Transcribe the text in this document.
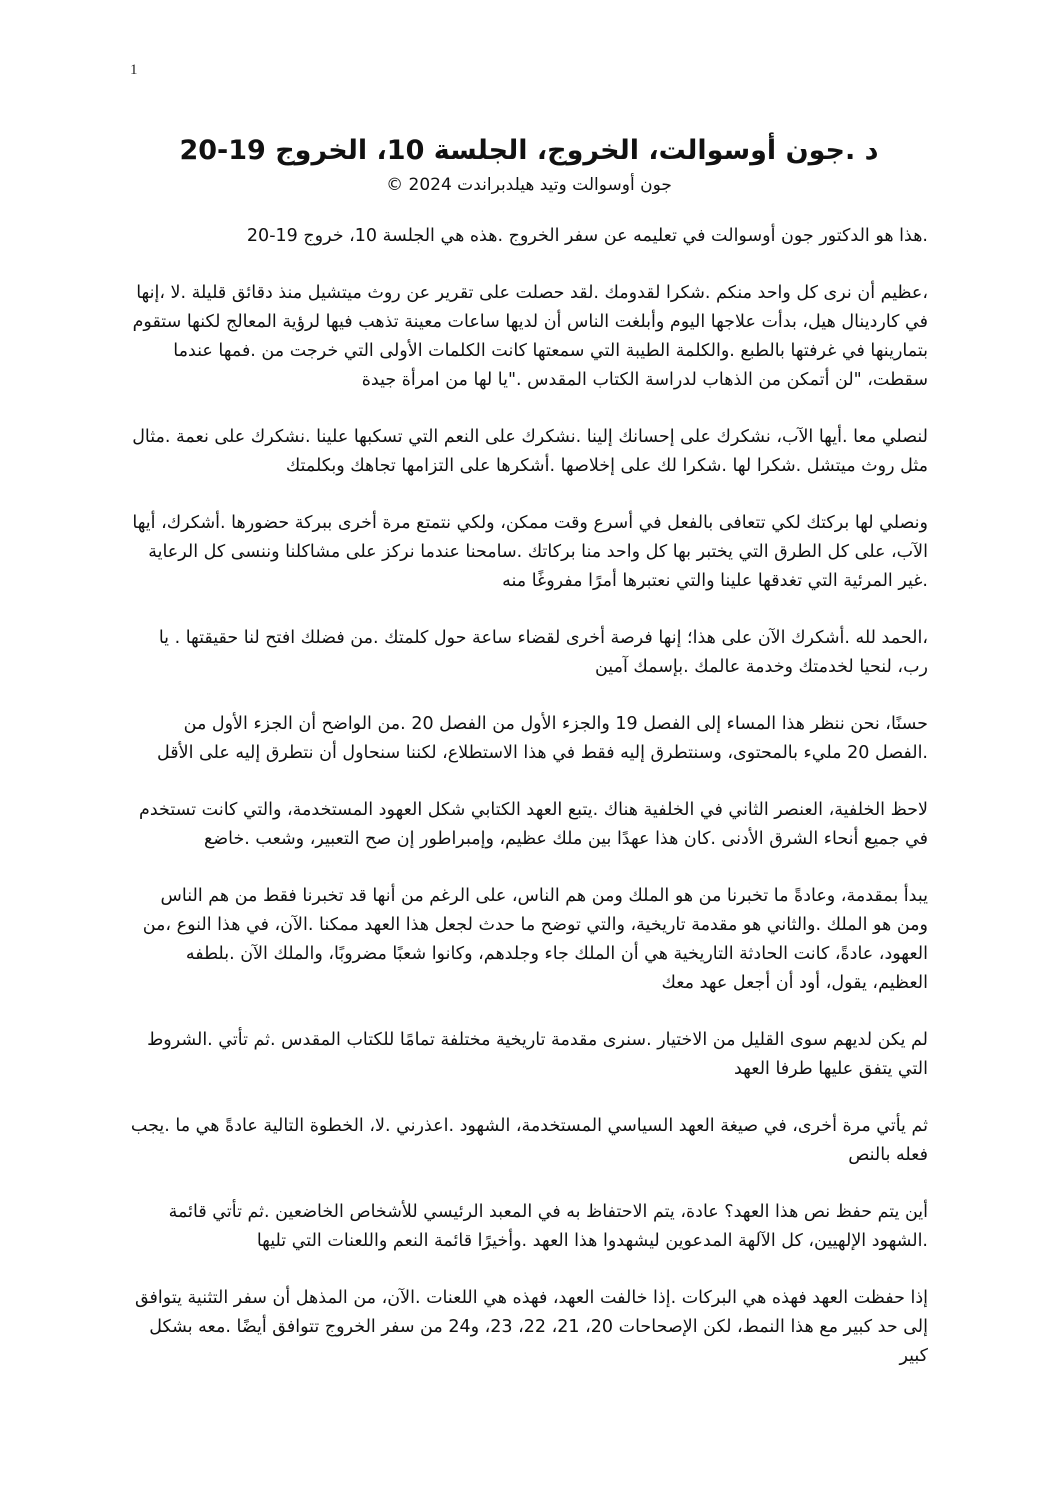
1
د .جون أوسوالت، الخروج، الجلسة 10، الخروج 19-20
جون أوسوالت وتيد هيلدبراندت 2024 ©

.هذا هو الدكتور جون أوسوالت في تعليمه عن سفر الخروج .هذه هي الجلسة 10، خروج 19-20

،عظيم أن نرى كل واحد منكم .شكرا لقدومك .لقد حصلت على تقرير عن روث ميتشيل منذ دقائق قليلة .لا ،إنها في كاردينال هيل، بدأت علاجها اليوم وأبلغت الناس أن لديها ساعات معينة تذهب فيها لرؤية المعالج لكنها ستقوم بتمارينها في غرفتها بالطبع .والكلمة الطيبة التي سمعتها كانت الكلمات الأولى التي خرجت من .فمها عندما سقطت، "لن أتمكن من الذهاب لدراسة الكتاب المقدس ."يا لها من امرأة جيدة

لنصلي معا .أيها الآب، نشكرك على إحسانك إلينا .نشكرك على النعم التي تسكبها علينا .نشكرك على نعمة .مثال مثل روث ميتشل .شكرا لها .شكرا لك على إخلاصها .أشكرها على التزامها تجاهك وبكلمتك

ونصلي لها بركتك لكي تتعافى بالفعل في أسرع وقت ممكن، ولكي نتمتع مرة أخرى ببركة حضورها .أشكرك، أيها الآب، على كل الطرق التي يختبر بها كل واحد منا بركاتك .سامحنا عندما نركز على مشاكلنا وننسى كل الرعاية .غير المرئية التي تغدقها علينا والتي نعتبرها أمرًا مفروغًا منه

،الحمد لله .أشكرك الآن على هذا؛ إنها فرصة أخرى لقضاء ساعة حول كلمتك .من فضلك افتح لنا حقيقتها . يا رب، لنحيا لخدمتك وخدمة عالمك .بإسمك آمين

حسنًا، نحن ننظر هذا المساء إلى الفصل 19 والجزء الأول من الفصل 20 .من الواضح أن الجزء الأول من .الفصل 20 مليء بالمحتوى، وسنتطرق إليه فقط في هذا الاستطلاع، لكننا سنحاول أن نتطرق إليه على الأقل

لاحظ الخلفية، العنصر الثاني في الخلفية هناك .يتبع العهد الكتابي شكل العهود المستخدمة، والتي كانت تستخدم في جميع أنحاء الشرق الأدنى .كان هذا عهدًا بين ملك عظيم، وإمبراطور إن صح التعبير، وشعب .خاضع

يبدأ بمقدمة، وعادةً ما تخبرنا من هو الملك ومن هم الناس، على الرغم من أنها قد تخبرنا فقط من هم الناس ومن هو الملك .والثاني هو مقدمة تاريخية، والتي توضح ما حدث لجعل هذا العهد ممكنا .الآن، في هذا النوع ،من العهود، عادةً، كانت الحادثة التاريخية هي أن الملك جاء وجلدهم، وكانوا شعبًا مضروبًا، والملك الآن .بلطفه العظيم، يقول، أود أن أجعل عهد معك

لم يكن لديهم سوى القليل من الاختيار .سنرى مقدمة تاريخية مختلفة تمامًا للكتاب المقدس .ثم تأتي .الشروط التي يتفق عليها طرفا العهد

ثم يأتي مرة أخرى، في صيغة العهد السياسي المستخدمة، الشهود .اعذرني .لا، الخطوة التالية عادةً هي ما .يجب فعله بالنص

أين يتم حفظ نص هذا العهد؟ عادة، يتم الاحتفاظ به في المعبد الرئيسي للأشخاص الخاضعين .ثم تأتي قائمة .الشهود الإلهيين، كل الآلهة المدعوين ليشهدوا هذا العهد .وأخيرًا قائمة النعم واللعنات التي تليها

إذا حفظت العهد فهذه هي البركات .إذا خالفت العهد، فهذه هي اللعنات .الآن، من المذهل أن سفر التثنية يتوافق إلى حد كبير مع هذا النمط، لكن الإصحاحات 20، 21، 22، 23، و24 من سفر الخروج تتوافق أيضًا .معه بشكل كبير
